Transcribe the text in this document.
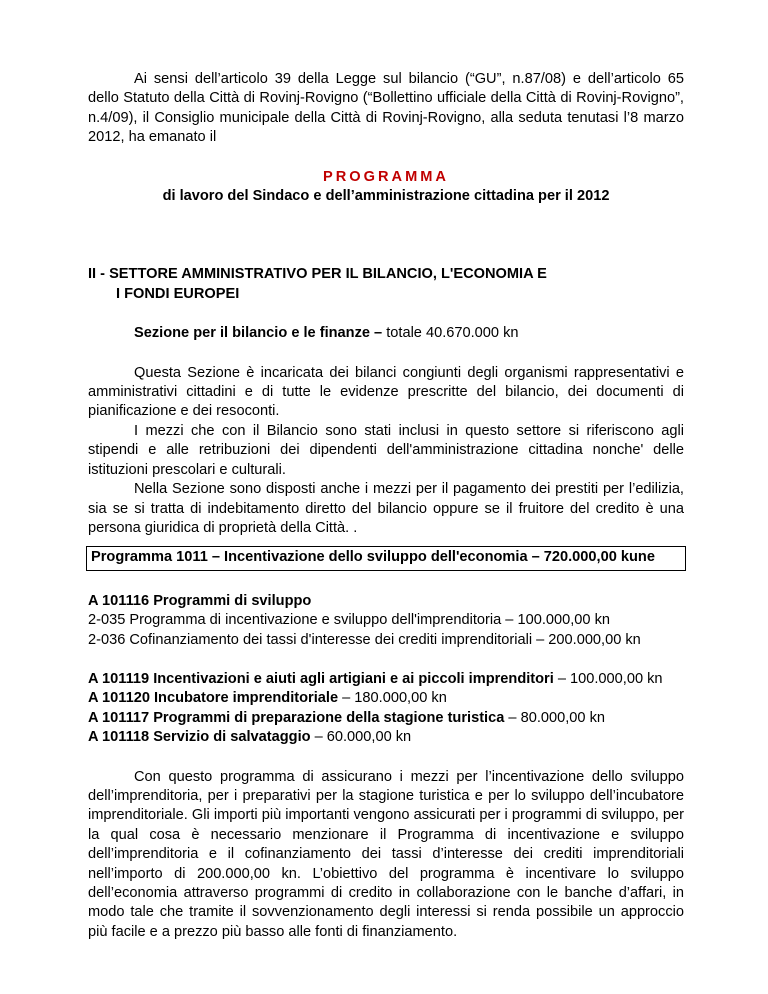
Ai sensi dell’articolo 39 della Legge sul bilancio (“GU”, n.87/08) e dell’articolo 65 dello Statuto della Città di Rovinj-Rovigno (“Bollettino ufficiale della Città di Rovinj-Rovigno”, n.4/09), il Consiglio municipale della Città di Rovinj-Rovigno, alla seduta tenutasi l’8 marzo 2012, ha emanato il

PROGRAMMA

di lavoro del Sindaco e dell’amministrazione cittadina per il 2012

II - SETTORE AMMINISTRATIVO PER IL BILANCIO, L'ECONOMIA E

I FONDI EUROPEI

Sezione per il bilancio e le finanze – totale 40.670.000 kn

Questa Sezione è incaricata dei bilanci congiunti degli organismi rappresentativi e amministrativi cittadini e di tutte le evidenze prescritte del bilancio, dei documenti di pianificazione e dei resoconti.

I mezzi che con il Bilancio sono stati inclusi in questo settore si riferiscono agli stipendi e alle retribuzioni dei dipendenti dell'amministrazione cittadina nonche' delle istituzioni prescolari e culturali.

Nella Sezione sono disposti anche i mezzi per il pagamento dei prestiti per l’edilizia, sia se si tratta di indebitamento diretto del bilancio oppure se il fruitore del credito è una persona giuridica di proprietà della Città. .

Programma 1011 – Incentivazione dello sviluppo dell'economia – 720.000,00 kune

A 101116 Programmi di sviluppo

2-035 Programma di incentivazione e sviluppo dell'imprenditoria – 100.000,00 kn

2-036 Cofinanziamento dei tassi d'interesse dei crediti imprenditoriali – 200.000,00 kn

A 101119 Incentivazioni e aiuti agli artigiani e ai piccoli imprenditori – 100.000,00 kn

A 101120 Incubatore imprenditoriale – 180.000,00 kn

A 101117 Programmi di preparazione della stagione turistica – 80.000,00 kn

A 101118 Servizio di salvataggio – 60.000,00 kn

Con questo programma di assicurano i mezzi per l’incentivazione dello sviluppo dell’imprenditoria, per i preparativi per la stagione turistica e per lo sviluppo dell’incubatore imprenditoriale. Gli importi più importanti vengono assicurati per i programmi di sviluppo, per la qual cosa è necessario menzionare il Programma di incentivazione e sviluppo dell’imprenditoria e il cofinanziamento dei tassi d’interesse dei crediti imprenditoriali nell’importo di 200.000,00 kn. L’obiettivo del programma è incentivare lo sviluppo dell’economia attraverso programmi di credito in collaborazione con le banche d’affari, in modo tale che tramite il sovvenzionamento degli interessi si renda possibile un approccio più facile e a prezzo più basso alle fonti di finanziamento.
